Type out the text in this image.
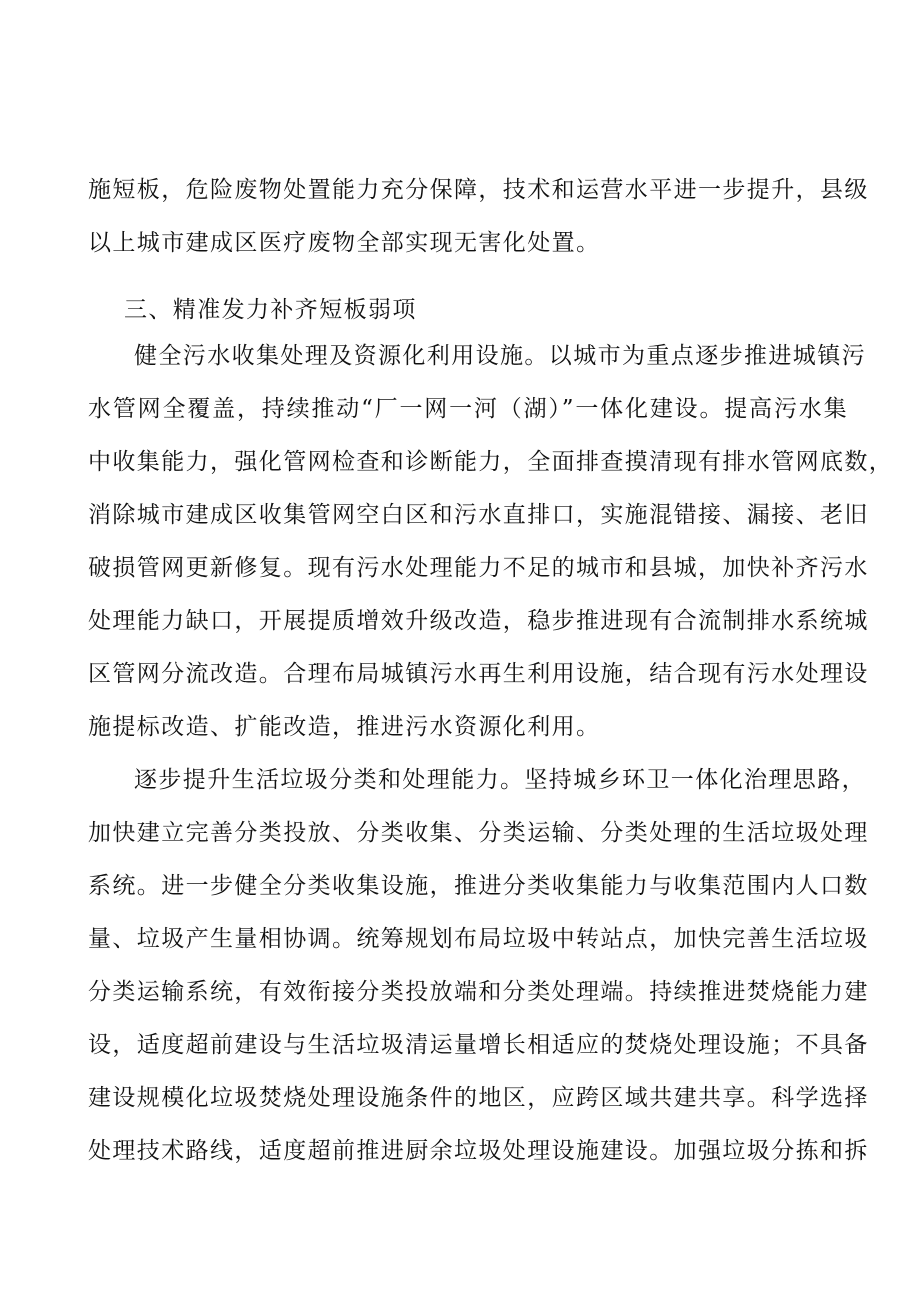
施短板，危险废物处置能力充分保障，技术和运营水平进一步提升，县级
以上城市建成区医疗废物全部实现无害化处置。
三、精准发力补齐短板弱项
健全污水收集处理及资源化利用设施。以城市为重点逐步推进城镇污
水管网全覆盖，持续推动“厂一网一河（湖）”一体化建设。提高污水集
中收集能力，强化管网检查和诊断能力，全面排查摸清现有排水管网底数，
消除城市建成区收集管网空白区和污水直排口，实施混错接、漏接、老旧
破损管网更新修复。现有污水处理能力不足的城市和县城，加快补齐污水
处理能力缺口，开展提质增效升级改造，稳步推进现有合流制排水系统城
区管网分流改造。合理布局城镇污水再生利用设施，结合现有污水处理设
施提标改造、扩能改造，推进污水资源化利用。
逐步提升生活垃圾分类和处理能力。坚持城乡环卫一体化治理思路，
加快建立完善分类投放、分类收集、分类运输、分类处理的生活垃圾处理
系统。进一步健全分类收集设施，推进分类收集能力与收集范围内人口数
量、垃圾产生量相协调。统筹规划布局垃圾中转站点，加快完善生活垃圾
分类运输系统，有效衔接分类投放端和分类处理端。持续推进焚烧能力建
设，适度超前建设与生活垃圾清运量增长相适应的焚烧处理设施；不具备
建设规模化垃圾焚烧处理设施条件的地区，应跨区域共建共享。科学选择
处理技术路线，适度超前推进厨余垃圾处理设施建设。加强垃圾分拣和拆
